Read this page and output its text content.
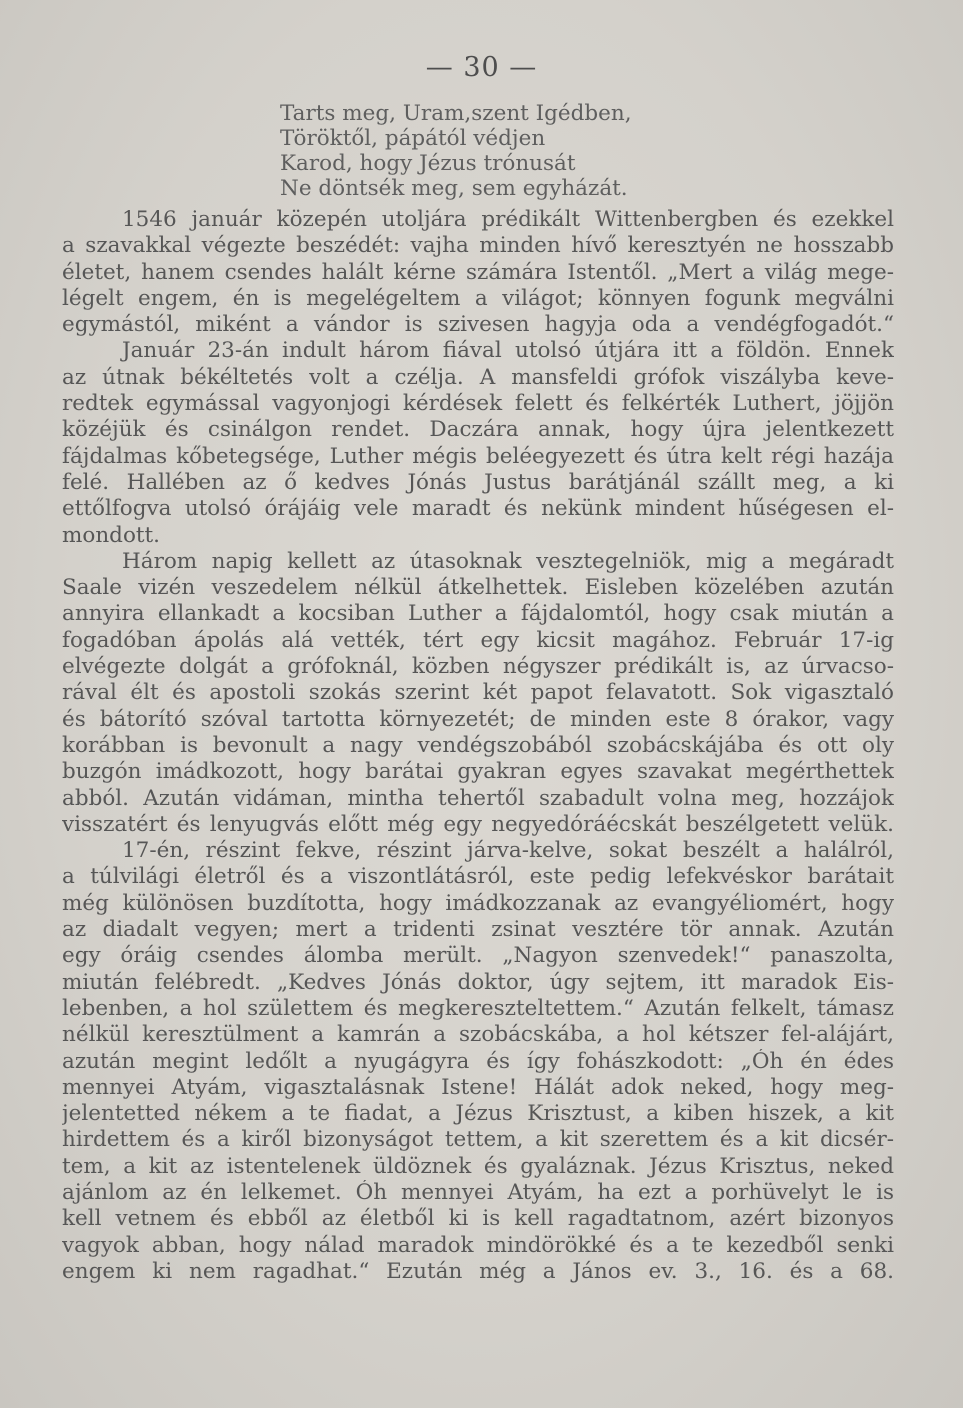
— 30 —
Tarts meg, Uram,szent Igédben,
Töröktől, pápától védjen
Karod, hogy Jézus trónusát
Ne döntsék meg, sem egyházát.
1546 január közepén utoljára prédikált Wittenbergben és ezekkel
a szavakkal végezte beszédét: vajha minden hívő keresztyén ne hosszabb
életet, hanem csendes halált kérne számára Istentől. „Mert a világ mege-
légelt engem, én is megelégeltem a világot; könnyen fogunk megválni
egymástól, miként a vándor is szivesen hagyja oda a vendégfogadót.“
Január 23-án indult három fiával utolsó útjára itt a földön. Ennek
az útnak békéltetés volt a czélja. A mansfeldi grófok viszályba keve-
redtek egymással vagyonjogi kérdések felett és felkérték Luthert, jöjjön
közéjük és csinálgon rendet. Daczára annak, hogy újra jelentkezett
fájdalmas kőbetegsége, Luther mégis beléegyezett és útra kelt régi hazája
felé. Hallében az ő kedves Jónás Justus barátjánál szállt meg, a ki
ettőlfogva utolsó órájáig vele maradt és nekünk mindent hűségesen el-
mondott.
Három napig kellett az útasoknak vesztegelniök, mig a megáradt
Saale vizén veszedelem nélkül átkelhettek. Eisleben közelében azután
annyira ellankadt a kocsiban Luther a fájdalomtól, hogy csak miután a
fogadóban ápolás alá vették, tért egy kicsit magához. Február 17-ig
elvégezte dolgát a grófoknál, közben négyszer prédikált is, az úrvacso-
rával élt és apostoli szokás szerint két papot felavatott. Sok vigasztaló
és bátorító szóval tartotta környezetét; de minden este 8 órakor, vagy
korábban is bevonult a nagy vendégszobából szobácskájába és ott oly
buzgón imádkozott, hogy barátai gyakran egyes szavakat megérthettek
abból. Azután vidáman, mintha tehertől szabadult volna meg, hozzájok
visszatért és lenyugvás előtt még egy negyedóráécskát beszélgetett velük.
17-én, részint fekve, részint járva-kelve, sokat beszélt a halálról,
a túlvilági életről és a viszontlátásról, este pedig lefekvéskor barátait
még különösen buzdította, hogy imádkozzanak az evangyéliomért, hogy
az diadalt vegyen; mert a tridenti zsinat vesztére tör annak. Azután
egy óráig csendes álomba merült. „Nagyon szenvedek!“ panaszolta,
miután felébredt. „Kedves Jónás doktor, úgy sejtem, itt maradok Eis-
lebenben, a hol születtem és megkereszteltettem.“ Azután felkelt, támasz
nélkül keresztülment a kamrán a szobácskába, a hol kétszer fel-alájárt,
azután megint ledőlt a nyugágyra és így fohászkodott: „Óh én édes
mennyei Atyám, vigasztalásnak Istene! Hálát adok neked, hogy meg-
jelentetted nékem a te fiadat, a Jézus Krisztust, a kiben hiszek, a kit
hirdettem és a kiről bizonyságot tettem, a kit szerettem és a kit dicsér-
tem, a kit az istentelenek üldöznek és gyaláznak. Jézus Krisztus, neked
ajánlom az én lelkemet. Óh mennyei Atyám, ha ezt a porhüvelyt le is
kell vetnem és ebből az életből ki is kell ragadtatnom, azért bizonyos
vagyok abban, hogy nálad maradok mindörökké és a te kezedből senki
engem ki nem ragadhat.“ Ezután még a János ev. 3., 16. és a 68.
